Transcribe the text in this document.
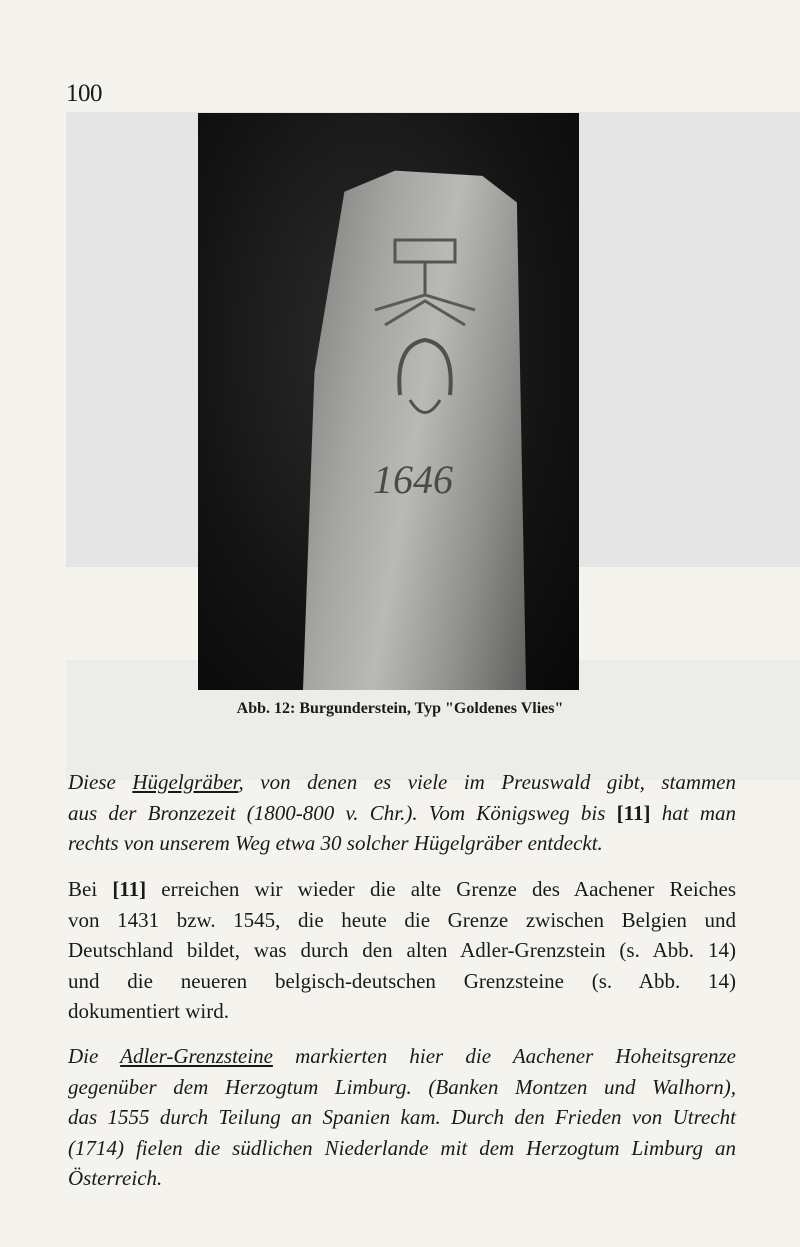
100
1646
Abb. 12: Burgunderstein, Typ "Goldenes Vlies"

Diese Hügelgräber, von denen es viele im Preuswald gibt, stammen
aus der Bronzezeit (1800-800 v. Chr.). Vom Königsweg bis [11] hat man
rechts von unserem Weg etwa 30 solcher Hügelgräber entdeckt.

Bei [11] erreichen wir wieder die alte Grenze des Aachener Reiches
von 1431 bzw. 1545, die heute die Grenze zwischen Belgien und
Deutschland bildet, was durch den alten Adler-Grenzstein (s. Abb. 14)
und die neueren belgisch-deutschen Grenzsteine (s. Abb. 14)
dokumentiert wird.

Die Adler-Grenzsteine markierten hier die Aachener Hoheitsgrenze
gegenüber dem Herzogtum Limburg. (Banken Montzen und Walhorn),
das 1555 durch Teilung an Spanien kam. Durch den Frieden von Utrecht
(1714) fielen die südlichen Niederlande mit dem Herzogtum Limburg an
Österreich.
